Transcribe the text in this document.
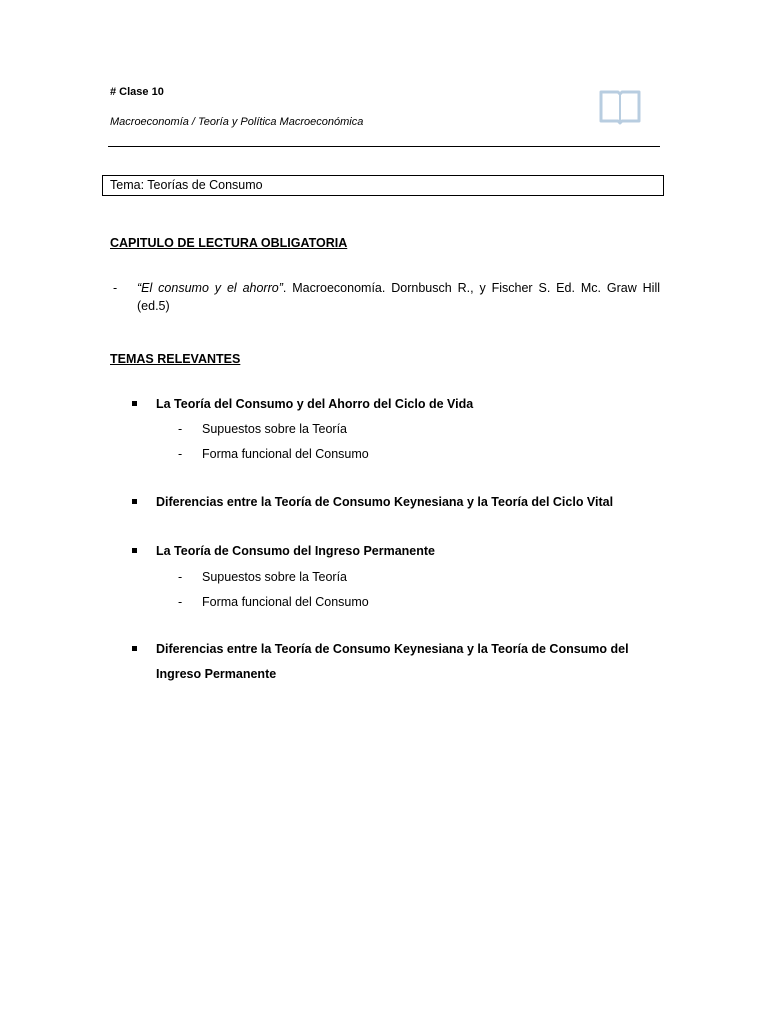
# Clase 10
Macroeconomía / Teoría y Política Macroeconómica
Tema: Teorías de Consumo
CAPITULO DE LECTURA OBLIGATORIA
- “El consumo y el ahorro”. Macroeconomía. Dornbusch R., y Fischer S. Ed. Mc. Graw Hill (ed.5)
TEMAS RELEVANTES
La Teoría del Consumo y del Ahorro del Ciclo de Vida
- Supuestos sobre la Teoría
- Forma funcional del Consumo
Diferencias entre la Teoría de Consumo Keynesiana y la Teoría del Ciclo Vital
La Teoría de Consumo del Ingreso Permanente
- Supuestos sobre la Teoría
- Forma funcional del Consumo
Diferencias entre la Teoría de Consumo Keynesiana y la Teoría de Consumo del Ingreso Permanente
